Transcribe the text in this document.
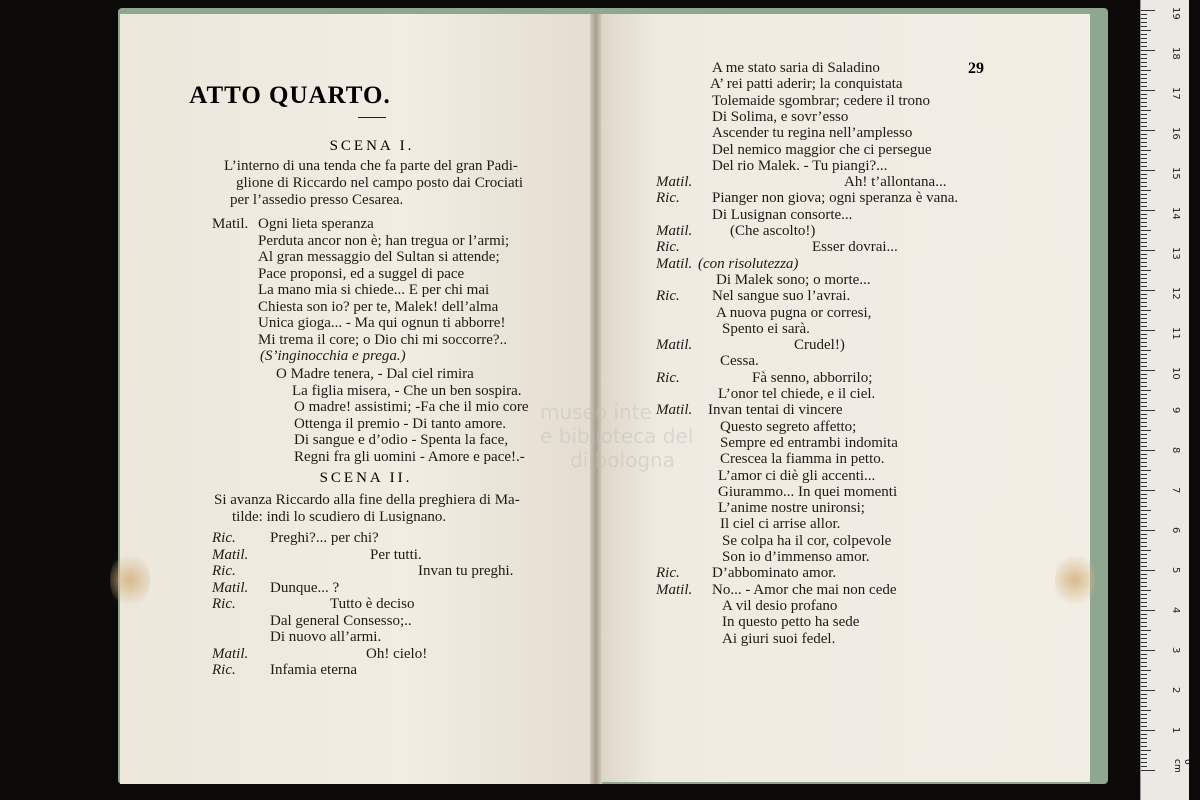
museo inte
e biblioteca del
di bologna
ATTO QUARTO.
SCENA I.
L’interno di una tenda che fa parte del gran Padi-
glione di Riccardo nel campo posto dai Crociati
per l’assedio presso Cesarea.
Matil. Ogni lieta speranza
Perduta ancor non è; han tregua or l’armi;
Al gran messaggio del Sultan si attende;
Pace proponsi, ed a suggel di pace
La mano mia si chiede... E per chi mai
Chiesta son io? per te, Malek! dell’alma
Unica gioga... - Ma qui ognun ti abborre!
Mi trema il core; o Dio chi mi soccorre?..
(S’inginocchia e prega.)
O Madre tenera, - Dal ciel rimira
La figlia misera, - Che un ben sospira.
O madre! assistimi; -Fa che il mio core
Ottenga il premio - Di tanto amore.
Di sangue e d’odio - Spenta la face,
Regni fra gli uomini - Amore e pace!.-
SCENA II.
Si avanza Riccardo alla fine della preghiera di Ma-
tilde: indi lo scudiero di Lusignano.
Ric. Preghi?... per chi?
Matil.	Per tutti.
Ric.	Invan tu preghi.
Matil. Dunque... ?
Ric.	Tutto è deciso
Dal general Consesso;..
Di nuovo all’armi.
Matil.	Oh! cielo!
Ric. Infamia eterna
29
A me stato saria di Saladino
A’ rei patti aderir; la conquistata
Tolemaide sgombrar; cedere il trono
Di Solima, e sovr’esso
Ascender tu regina nell’amplesso
Del nemico maggior che ci persegue
Del rio Malek. - Tu piangi?...
Matil.	Ah! t’allontana...
Ric. Pianger non giova; ogni speranza è vana.
Di Lusignan consorte...
Matil.	(Che ascolto!)
Ric.	Esser dovrai...
Matil. (con risolutezza)
Di Malek sono; o morte...
Ric. Nel sangue suo l’avrai.
A nuova pugna or corresi,
Spento ei sarà.
Matil.	Crudel!)
Cessa.
Ric.	Fà senno, abborrilo;
L’onor tel chiede, e il ciel.
Matil. Invan tentai di vincere
Questo segreto affetto;
Sempre ed entrambi indomita
Crescea la fiamma in petto.
L’amor ci diè gli accenti...
Giurammo... In quei momenti
L’anime nostre unironsi;
Il ciel ci arrise allor.
Se colpa ha il cor, colpevole
Son io d’immenso amor.
Ric. D’abbominato amor.
Matil. No... - Amor che mai non cede
A vil desio profano
In questo petto ha sede
Ai giuri suoi fedel.
1
2
3
4
5
6
7
8
9
10
11
12
13
14
15
16
17
18
19
0 cm
